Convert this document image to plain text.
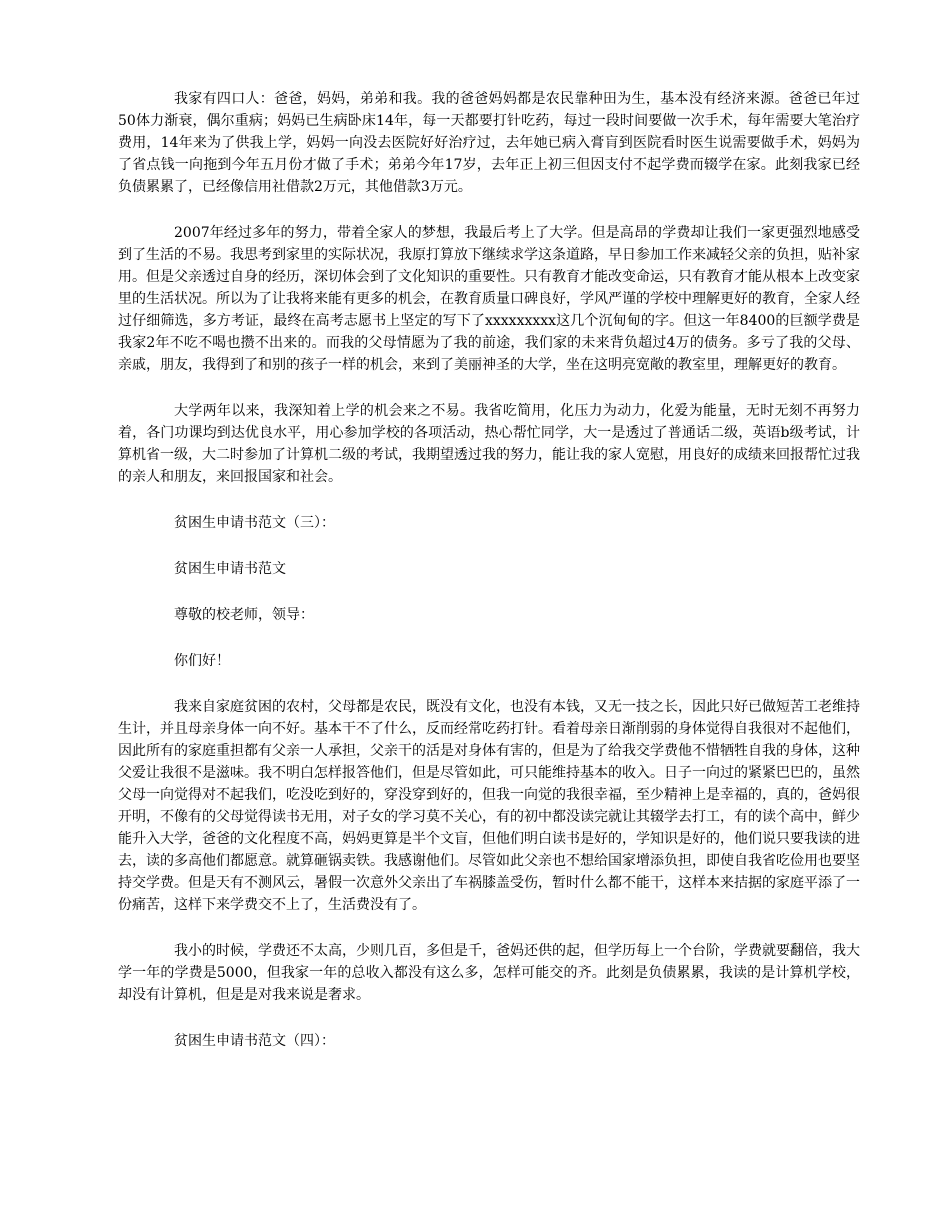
我家有四口人：爸爸，妈妈，弟弟和我。我的爸爸妈妈都是农民靠种田为生，基本没有经济来源。爸爸已年过50体力渐衰，偶尔重病；妈妈已生病卧床14年，每一天都要打针吃药，每过一段时间要做一次手术，每年需要大笔治疗费用，14年来为了供我上学，妈妈一向没去医院好好治疗过，去年她已病入膏肓到医院看时医生说需要做手术，妈妈为了省点钱一向拖到今年五月份才做了手术；弟弟今年17岁，去年正上初三但因支付不起学费而辍学在家。此刻我家已经负债累累了，已经像信用社借款2万元，其他借款3万元。

2007年经过多年的努力，带着全家人的梦想，我最后考上了大学。但是高昂的学费却让我们一家更强烈地感受到了生活的不易。我思考到家里的实际状况，我原打算放下继续求学这条道路，早日参加工作来减轻父亲的负担，贴补家用。但是父亲透过自身的经历，深切体会到了文化知识的重要性。只有教育才能改变命运，只有教育才能从根本上改变家里的生活状况。所以为了让我将来能有更多的机会，在教育质量口碑良好，学风严谨的学校中理解更好的教育，全家人经过仔细筛选，多方考证，最终在高考志愿书上坚定的写下了xxxxxxxxx这几个沉甸甸的字。但这一年8400的巨额学费是我家2年不吃不喝也攒不出来的。而我的父母情愿为了我的前途，我们家的未来背负超过4万的债务。多亏了我的父母、亲戚，朋友，我得到了和别的孩子一样的机会，来到了美丽神圣的大学，坐在这明亮宽敞的教室里，理解更好的教育。

大学两年以来，我深知着上学的机会来之不易。我省吃简用，化压力为动力，化爱为能量，无时无刻不再努力着，各门功课均到达优良水平，用心参加学校的各项活动，热心帮忙同学，大一是透过了普通话二级，英语b级考试，计算机省一级，大二时参加了计算机二级的考试，我期望透过我的努力，能让我的家人宽慰，用良好的成绩来回报帮忙过我的亲人和朋友，来回报国家和社会。

贫困生申请书范文（三）：

贫困生申请书范文

尊敬的校老师，领导：

你们好！

我来自家庭贫困的农村，父母都是农民，既没有文化，也没有本钱，又无一技之长，因此只好已做短苦工老维持生计，并且母亲身体一向不好。基本干不了什么，反而经常吃药打针。看着母亲日渐削弱的身体觉得自我很对不起他们，因此所有的家庭重担都有父亲一人承担，父亲干的活是对身体有害的，但是为了给我交学费他不惜牺牲自我的身体，这种父爱让我很不是滋味。我不明白怎样报答他们，但是尽管如此，可只能维持基本的收入。日子一向过的紧紧巴巴的，虽然父母一向觉得对不起我们，吃没吃到好的，穿没穿到好的，但我一向觉的我很幸福，至少精神上是幸福的，真的，爸妈很开明，不像有的父母觉得读书无用，对子女的学习莫不关心，有的初中都没读完就让其辍学去打工，有的读个高中，鲜少能升入大学，爸爸的文化程度不高，妈妈更算是半个文盲，但他们明白读书是好的，学知识是好的，他们说只要我读的进去，读的多高他们都愿意。就算砸锅卖铁。我感谢他们。尽管如此父亲也不想给国家增添负担，即使自我省吃俭用也要坚持交学费。但是天有不测风云，暑假一次意外父亲出了车祸膝盖受伤，暂时什么都不能干，这样本来拮据的家庭平添了一份痛苦，这样下来学费交不上了，生活费没有了。

我小的时候，学费还不太高，少则几百，多但是千，爸妈还供的起，但学历每上一个台阶，学费就要翻倍，我大学一年的学费是5000，但我家一年的总收入都没有这么多，怎样可能交的齐。此刻是负债累累，我读的是计算机学校，却没有计算机，但是是对我来说是奢求。

贫困生申请书范文（四）：
